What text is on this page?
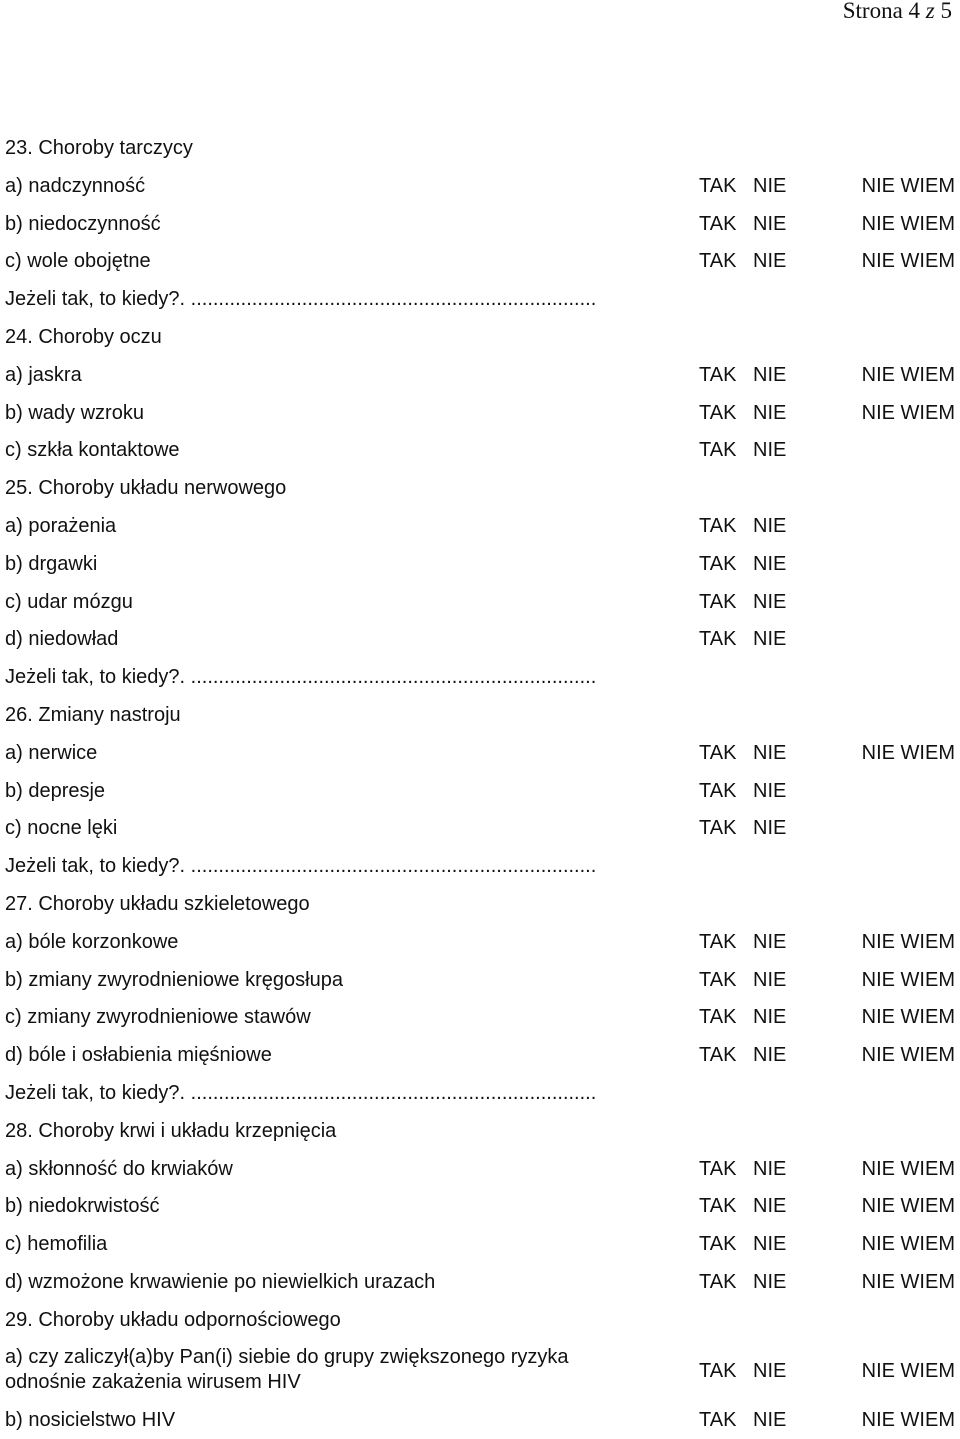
Strona 4 z 5
23. Choroby tarczycy
a) nadczynność	TAK NIE	NIE WIEM
b) niedoczynność	TAK NIE	NIE WIEM
c) wole obojętne	TAK NIE	NIE WIEM
Jeżeli tak, to kiedy?. .........................................................................
24. Choroby oczu
a) jaskra	TAK NIE	NIE WIEM
b) wady wzroku	TAK NIE	NIE WIEM
c) szkła kontaktowe	TAK NIE
25. Choroby układu nerwowego
a) porażenia	TAK NIE
b) drgawki	TAK NIE
c) udar mózgu	TAK NIE
d) niedowład	TAK NIE
Jeżeli tak, to kiedy?. .........................................................................
26. Zmiany nastroju
a) nerwice	TAK NIE	NIE WIEM
b) depresje	TAK NIE
c) nocne lęki	TAK NIE
Jeżeli tak, to kiedy?. .........................................................................
27. Choroby układu szkieletowego
a) bóle korzonkowe	TAK NIE	NIE WIEM
b) zmiany zwyrodnieniowe kręgosłupa	TAK NIE	NIE WIEM
c) zmiany zwyrodnieniowe stawów	TAK NIE	NIE WIEM
d) bóle i osłabienia mięśniowe	TAK NIE	NIE WIEM
Jeżeli tak, to kiedy?. .........................................................................
28. Choroby krwi i układu krzepnięcia
a) skłonność do krwiaków	TAK NIE	NIE WIEM
b) niedokrwistość	TAK NIE	NIE WIEM
c) hemofilia	TAK NIE	NIE WIEM
d) wzmożone krwawienie po niewielkich urazach	TAK NIE	NIE WIEM
29. Choroby układu odpornościowego
a) czy zaliczył(a)by Pan(i) siebie do grupy zwiększonego ryzyka odnośnie zakażenia wirusem HIV	TAK NIE	NIE WIEM
b) nosicielstwo HIV	TAK NIE	NIE WIEM
